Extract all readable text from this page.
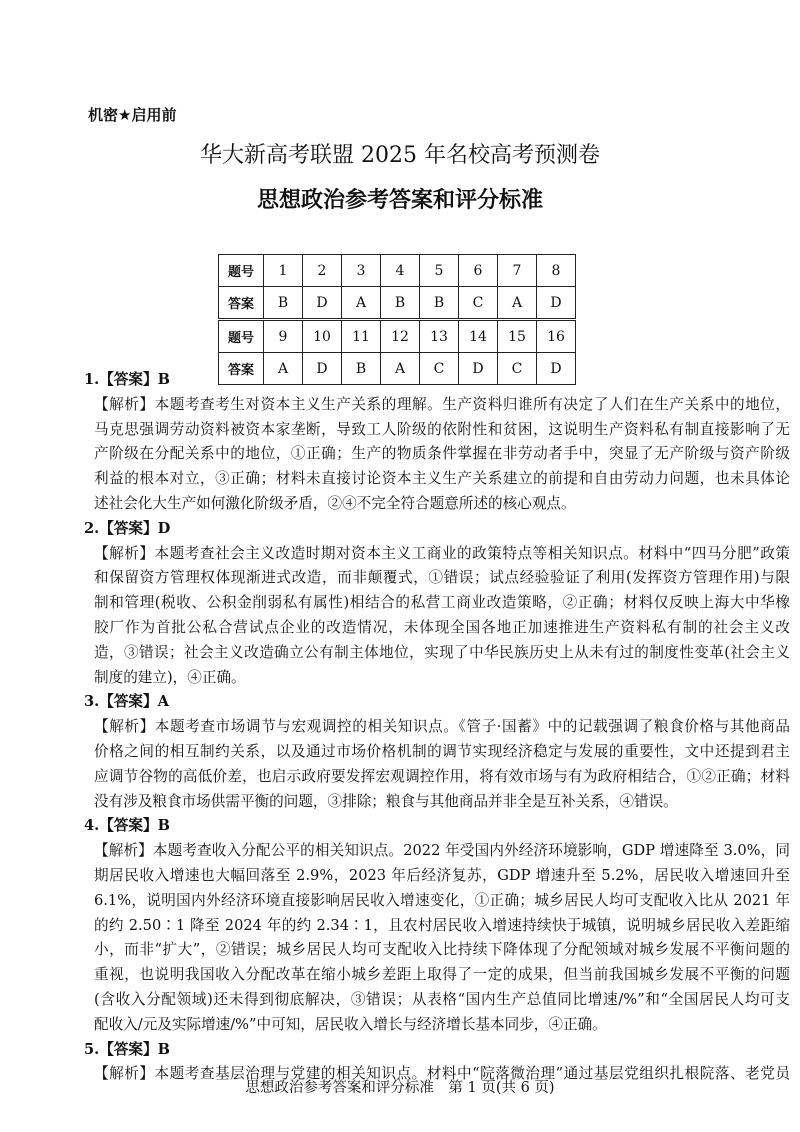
机密★启用前
华大新高考联盟 2025 年名校高考预测卷
思想政治参考答案和评分标准
题号	1	2	3	4	5	6	7	8
答案	B	D	A	B	B	C	A	D
题号	9	10	11	12	13	14	15	16
答案	A	D	B	A	C	D	C	D
1.【答案】B
【解析】本题考查考生对资本主义生产关系的理解。生产资料归谁所有决定了人们在生产关系中的地位，
马克思强调劳动资料被资本家垄断，导致工人阶级的依附性和贫困，这说明生产资料私有制直接影响了无
产阶级在分配关系中的地位，①正确；生产的物质条件掌握在非劳动者手中，突显了无产阶级与资产阶级
利益的根本对立，③正确；材料未直接讨论资本主义生产关系建立的前提和自由劳动力问题，也未具体论
述社会化大生产如何激化阶级矛盾，②④不完全符合题意所述的核心观点。
2.【答案】D
【解析】本题考查社会主义改造时期对资本主义工商业的政策特点等相关知识点。材料中“四马分肥”政策
和保留资方管理权体现渐进式改造，而非颠覆式，①错误；试点经验验证了利用(发挥资方管理作用)与限
制和管理(税收、公积金削弱私有属性)相结合的私营工商业改造策略，②正确；材料仅反映上海大中华橡
胶厂作为首批公私合营试点企业的改造情况，未体现全国各地正加速推进生产资料私有制的社会主义改
造，③错误；社会主义改造确立公有制主体地位，实现了中华民族历史上从未有过的制度性变革(社会主义
制度的建立)，④正确。
3.【答案】A
【解析】本题考查市场调节与宏观调控的相关知识点。《管子·国蓄》中的记载强调了粮食价格与其他商品
价格之间的相互制约关系，以及通过市场价格机制的调节实现经济稳定与发展的重要性，文中还提到君主
应调节谷物的高低价差，也启示政府要发挥宏观调控作用，将有效市场与有为政府相结合，①②正确；材料
没有涉及粮食市场供需平衡的问题，③排除；粮食与其他商品并非全是互补关系，④错误。
4.【答案】B
【解析】本题考查收入分配公平的相关知识点。2022 年受国内外经济环境影响，GDP 增速降至 3.0%，同
期居民收入增速也大幅回落至 2.9%，2023 年后经济复苏，GDP 增速升至 5.2%，居民收入增速回升至
6.1%，说明国内外经济环境直接影响居民收入增速变化，①正确；城乡居民人均可支配收入比从 2021 年
的约 2.50∶1 降至 2024 年的约 2.34∶1，且农村居民收入增速持续快于城镇，说明城乡居民收入差距缩
小，而非“扩大”，②错误；城乡居民人均可支配收入比持续下降体现了分配领域对城乡发展不平衡问题的
重视，也说明我国收入分配改革在缩小城乡差距上取得了一定的成果，但当前我国城乡发展不平衡的问题
(含收入分配领域)还未得到彻底解决，③错误；从表格“国内生产总值同比增速/%”和“全国居民人均可支
配收入/元及实际增速/%”中可知，居民收入增长与经济增长基本同步，④正确。
5.【答案】B
【解析】本题考查基层治理与党建的相关知识点。材料中“院落微治理”通过基层党组织扎根院落、老党员
思想政治参考答案和评分标准　第 1 页(共 6 页)
